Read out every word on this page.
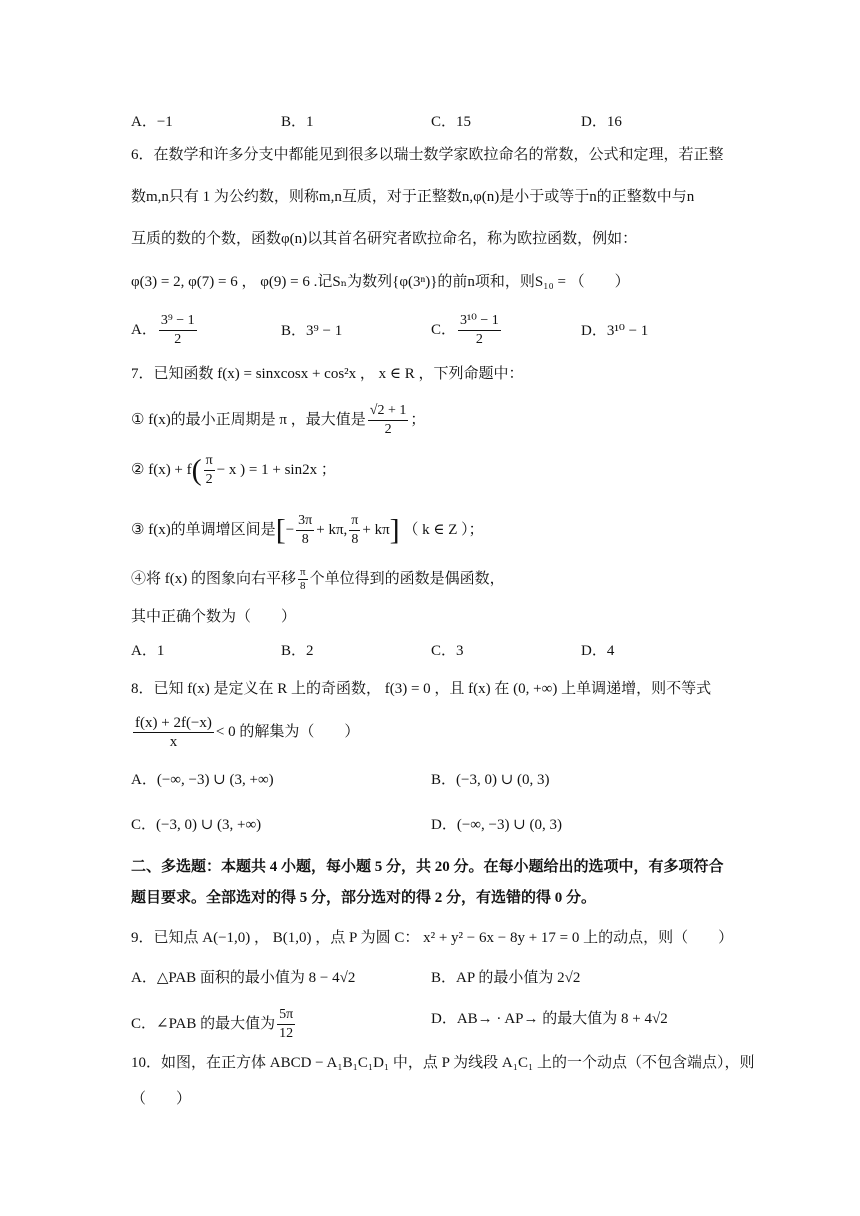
A．−1	B．1	C．15	D．16
6．在数学和许多分支中都能见到很多以瑞士数学家欧拉命名的常数，公式和定理，若正整
数m,n只有 1 为公约数，则称m,n互质，对于正整数n,φ(n)是小于或等于n的正整数中与n
互质的数的个数，函数φ(n)以其首名研究者欧拉命名，称为欧拉函数，例如：
φ(3) = 2, φ(7) = 6 ， φ(9) = 6 .记Sₙ为数列{φ(3ⁿ)}的前n项和，则S₁₀ = （　　）
A． $\frac{\text{3⁹ − 1}}{2}$	B．3⁹ − 1	C． $\frac{\text{3¹⁰ − 1}}{2}$	D．3¹⁰ − 1
7．已知函数 f(x) = sinxcosx + cos²x ， x ∈ R ，下列命题中：
① f(x)的最小正周期是 π ，最大值是 $\frac{√2 + 1}{2}$ ；
② $f(x) + f( \frac{\pi}{2} - x$ ) = 1 + sin2x ；
③ f(x)的单调增区间是[− $\frac{3\pi}{8} + k\pi$, $\frac{\pi}{8} + k\pi$] （ k ∈ Z ）；
④将 f(x) 的图象向右平移 $\frac{\pi}{8}$ 个单位得到的函数是偶函数，
其中正确个数为（　　）
A．1	B．2	C．3	D．4
8．已知 f(x) 是定义在 R 上的奇函数， f(3) = 0 ，且 f(x) 在 (0, +∞) 上单调递增，则不等式
$\frac{f(x) + 2f(-x)}{x} < 0$ 的解集为（　　）
A．(−∞, −3) ∪ (3, +∞)	B．(−3, 0) ∪ (0, 3)
C．(−3, 0) ∪ (3, +∞)	D．(−∞, −3) ∪ (0, 3)
二、多选题：本题共 4 小题，每小题 5 分，共 20 分。在每小题给出的选项中，有多项符合
题目要求。全部选对的得 5 分，部分选对的得 2 分，有选错的得 0 分。
9．已知点 A(−1,0) ， B(1,0) ，点 P 为圆 C： x² + y² − 6x − 8y + 17 = 0 上的动点，则（　　）
A．△PAB 面积的最小值为 8 − 4√2	B．AP 的最小值为 2√2
C．∠PAB 的最大值为 $\frac{5\pi}{12}$	D．AB→ · AP→ 的最大值为 8 + 4√2
10．如图，在正方体 ABCD − A₁B₁C₁D₁ 中，点 P 为线段 A₁C₁ 上的一个动点（不包含端点），则
（　　）
